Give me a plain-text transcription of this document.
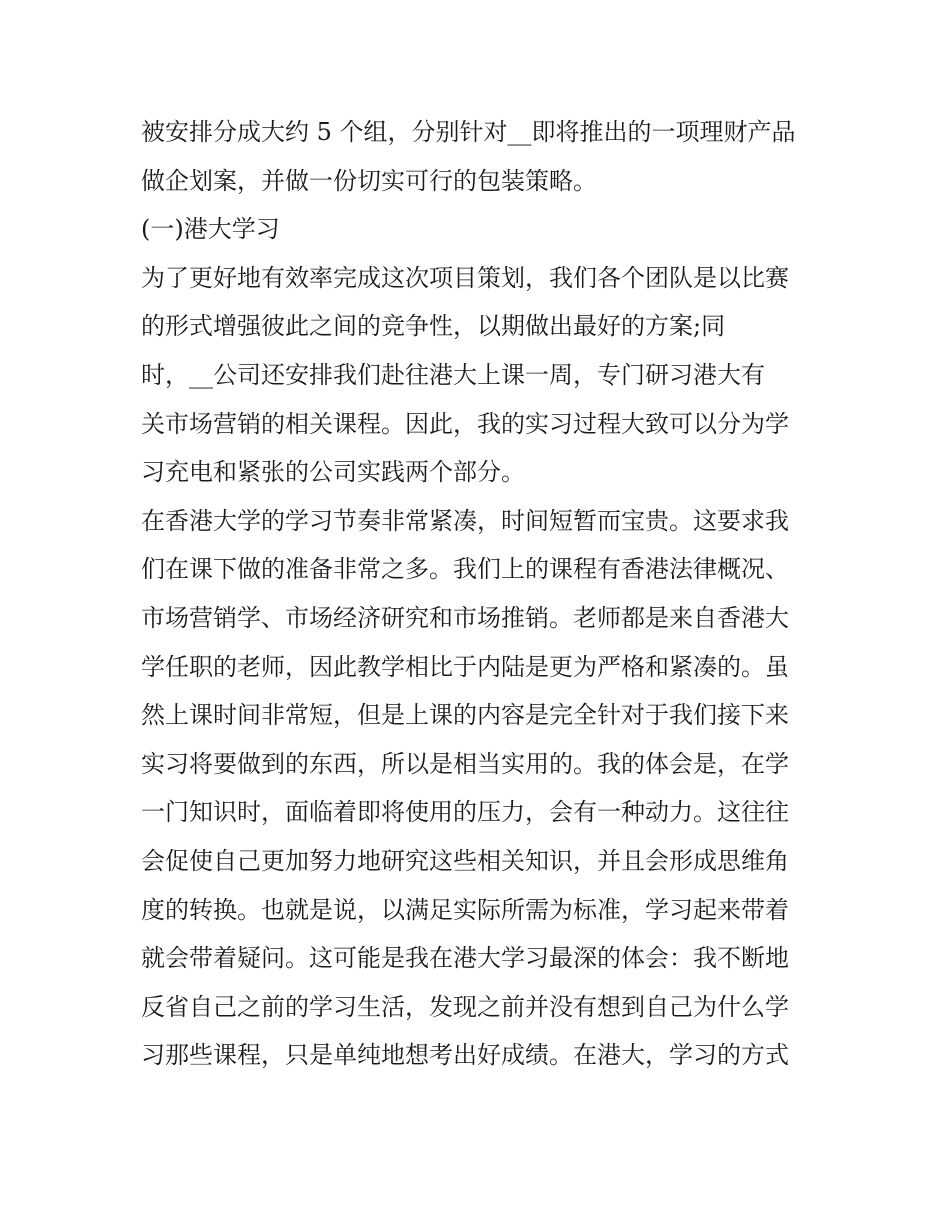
被安排分成大约 5 个组，分别针对__即将推出的一项理财产品
做企划案，并做一份切实可行的包装策略。
(一)港大学习
为了更好地有效率完成这次项目策划，我们各个团队是以比赛
的形式增强彼此之间的竞争性，以期做出最好的方案;同
时，__公司还安排我们赴往港大上课一周，专门研习港大有
关市场营销的相关课程。因此，我的实习过程大致可以分为学
习充电和紧张的公司实践两个部分。
在香港大学的学习节奏非常紧凑，时间短暂而宝贵。这要求我
们在课下做的准备非常之多。我们上的课程有香港法律概况、
市场营销学、市场经济研究和市场推销。老师都是来自香港大
学任职的老师，因此教学相比于内陆是更为严格和紧凑的。虽
然上课时间非常短，但是上课的内容是完全针对于我们接下来
实习将要做到的东西，所以是相当实用的。我的体会是，在学
一门知识时，面临着即将使用的压力，会有一种动力。这往往
会促使自己更加努力地研究这些相关知识，并且会形成思维角
度的转换。也就是说，以满足实际所需为标准，学习起来带着
就会带着疑问。这可能是我在港大学习最深的体会：我不断地
反省自己之前的学习生活，发现之前并没有想到自己为什么学
习那些课程，只是单纯地想考出好成绩。在港大，学习的方式
